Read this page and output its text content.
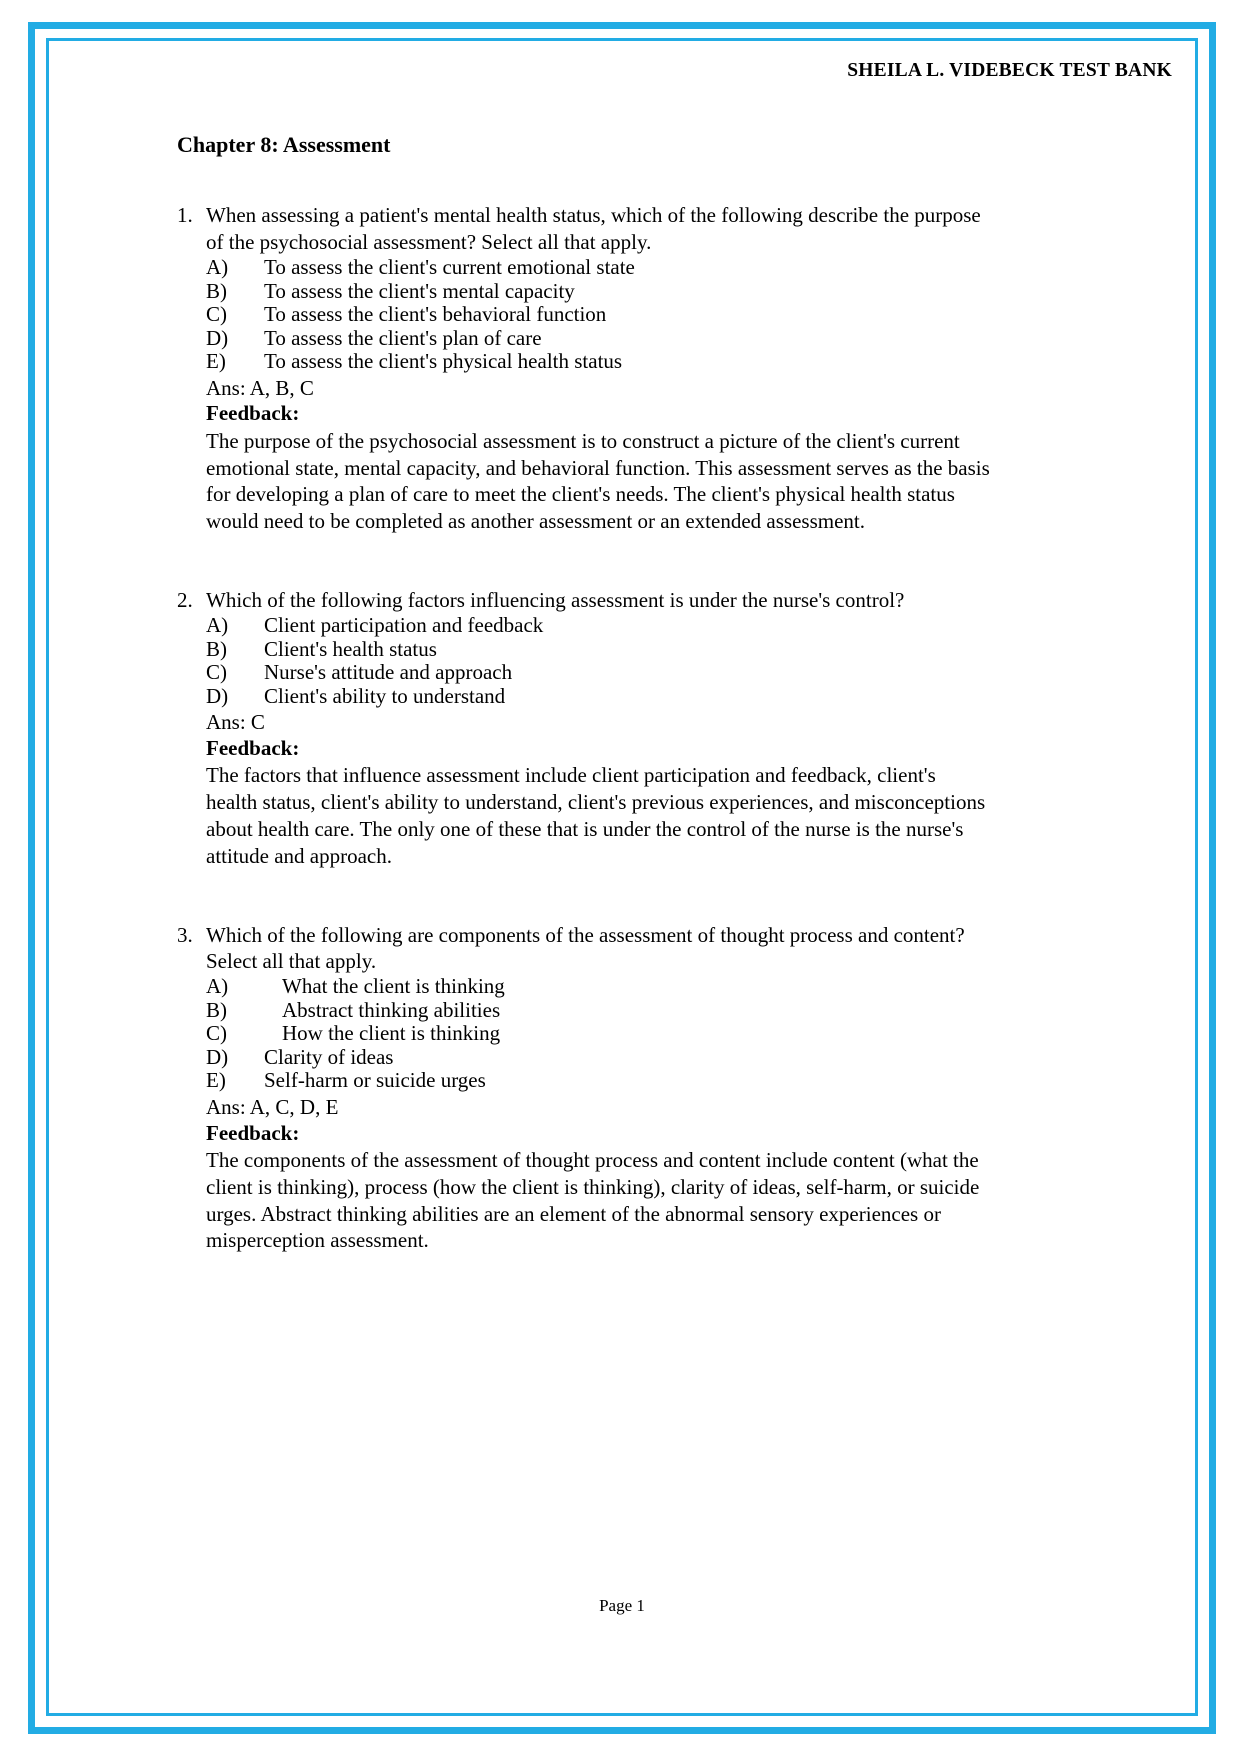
SHEILA L. VIDEBECK TEST BANK
Chapter 8: Assessment
1. When assessing a patient's mental health status, which of the following describe the purpose of the psychosocial assessment? Select all that apply.
A)	To assess the client's current emotional state
B)	To assess the client's mental capacity
C)	To assess the client's behavioral function
D)	To assess the client's plan of care
E)	To assess the client's physical health status
Ans: A, B, C
Feedback:
The purpose of the psychosocial assessment is to construct a picture of the client's current emotional state, mental capacity, and behavioral function. This assessment serves as the basis for developing a plan of care to meet the client's needs. The client's physical health status would need to be completed as another assessment or an extended assessment.
2. Which of the following factors influencing assessment is under the nurse's control?
A)	Client participation and feedback
B)	Client's health status
C)	Nurse's attitude and approach
D)	Client's ability to understand
Ans: C
Feedback:
The factors that influence assessment include client participation and feedback, client's health status, client's ability to understand, client's previous experiences, and misconceptions about health care. The only one of these that is under the control of the nurse is the nurse's attitude and approach.
3. Which of the following are components of the assessment of thought process and content? Select all that apply.
A)	What the client is thinking
B)	Abstract thinking abilities
C)	How the client is thinking
D)	Clarity of ideas
E)	Self-harm or suicide urges
Ans: A, C, D, E
Feedback:
The components of the assessment of thought process and content include content (what the client is thinking), process (how the client is thinking), clarity of ideas, self-harm, or suicide urges. Abstract thinking abilities are an element of the abnormal sensory experiences or misperception assessment.
Page 1
